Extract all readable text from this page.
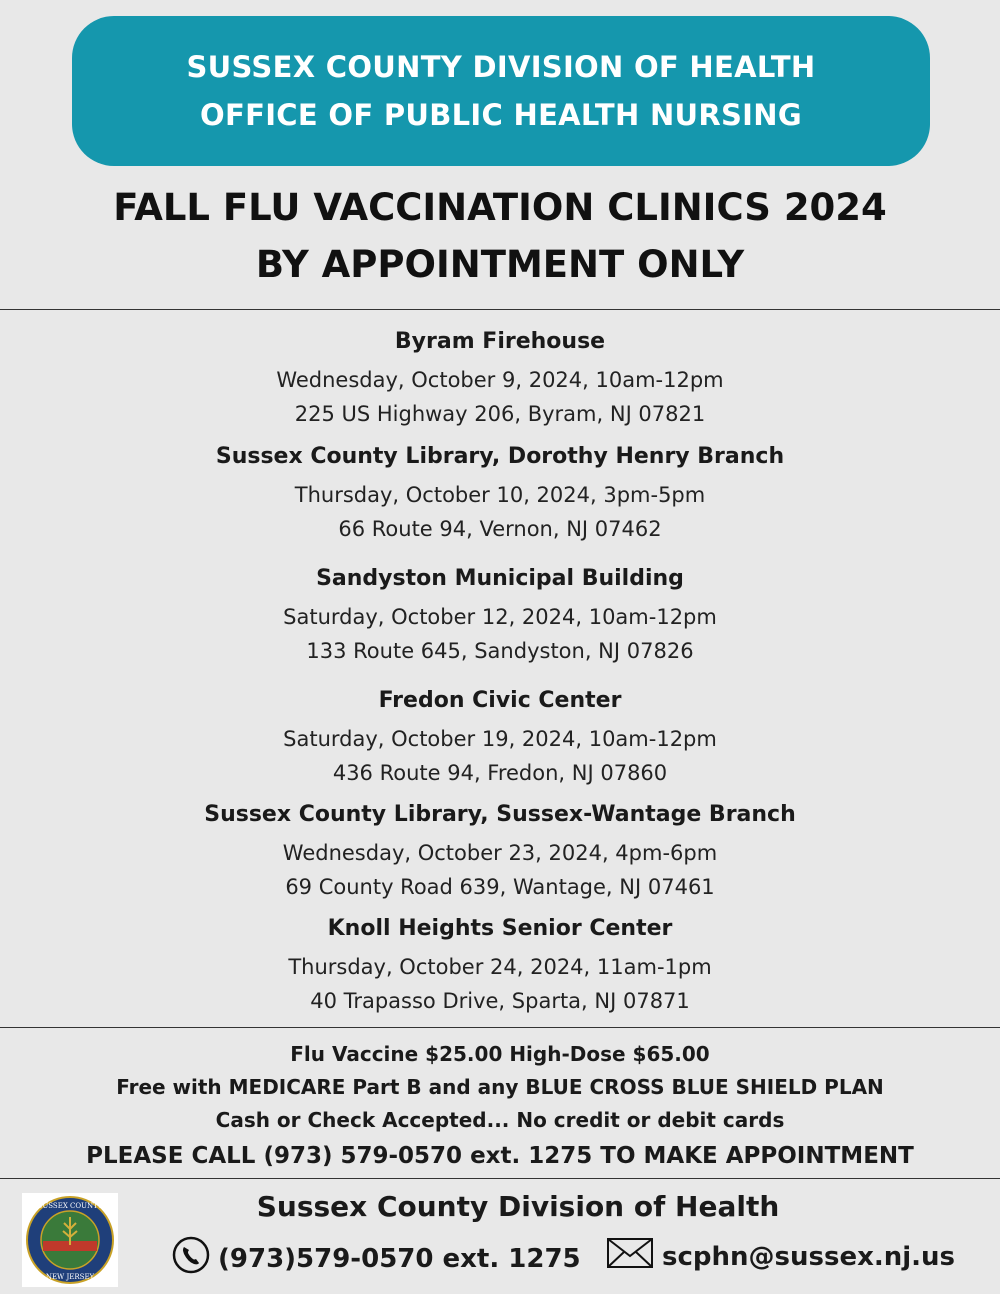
SUSSEX COUNTY DIVISION OF HEALTH
OFFICE OF PUBLIC HEALTH NURSING
FALL FLU VACCINATION CLINICS 2024
BY APPOINTMENT ONLY
Byram Firehouse
Wednesday, October 9, 2024, 10am-12pm
225 US Highway 206, Byram, NJ 07821
Sussex County Library, Dorothy Henry Branch
Thursday, October 10, 2024, 3pm-5pm
66 Route 94, Vernon, NJ 07462
Sandyston Municipal Building
Saturday, October 12, 2024, 10am-12pm
133 Route 645, Sandyston, NJ 07826
Fredon Civic Center
Saturday, October 19, 2024, 10am-12pm
436 Route 94, Fredon, NJ 07860
Sussex County Library, Sussex-Wantage Branch
Wednesday, October 23, 2024, 4pm-6pm
69 County Road 639, Wantage, NJ 07461
Knoll Heights Senior Center
Thursday, October 24, 2024, 11am-1pm
40 Trapasso Drive, Sparta, NJ 07871
Flu Vaccine $25.00 High-Dose $65.00
Free with MEDICARE Part B and any BLUE CROSS BLUE SHIELD PLAN
Cash or Check Accepted... No credit or debit cards
PLEASE CALL (973) 579-0570 ext. 1275 TO MAKE APPOINTMENT
SUSSEX COUNTY
NEW JERSEY
Sussex County Division of Health
(973)579-0570 ext. 1275	scphn@sussex.nj.us
